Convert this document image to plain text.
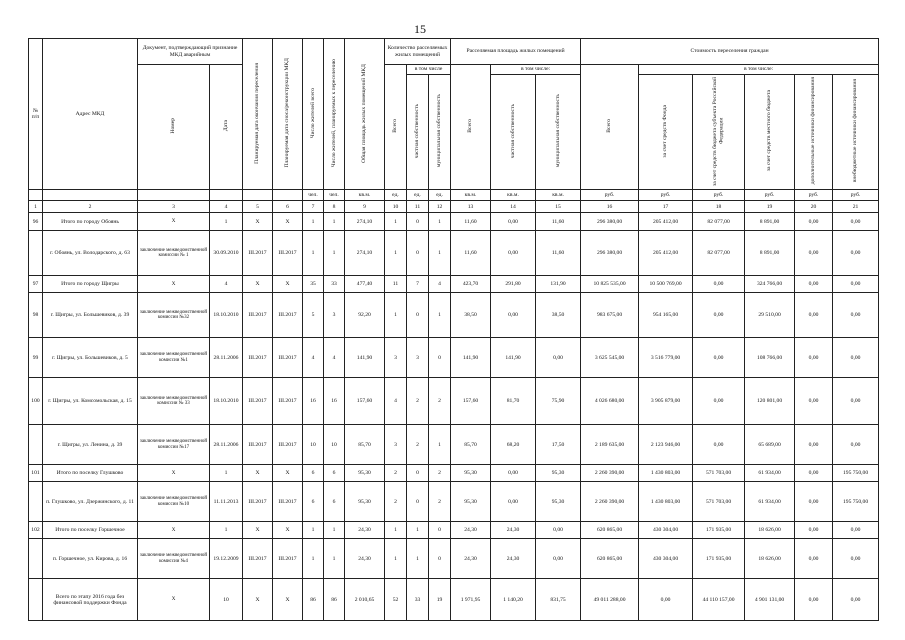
15
№ п/п	Адрес МКД	Документ, подтверждающий признание МКД аварийным		Планируемая дата окончания переселения	Планируемая дата сноса/реконструкции МКД	Число жителей всего	Число жителей, планируемых к переселению	Общая площадь жилых помещений МКД	Количество расселяемых жилых помещений			Расселяемая площадь жилых помещений			Стоимость переселения граждан					
		Номер	Дата						Всего	в том числе		Всего	в том числе:		Всего	в том числе:				
										частная собственность	муниципальная собственность		частная собственность	муниципальная собственность		за счет средств Фонда	за счет средств бюджета субъекта Российской Федерации	за счет средств местного бюджета	дополнительные источники финансирования	внебюджетные источники финансирования
						чел.	чел.	кв.м.	ед.	ед.	ед.	кв.м.	кв.м.	кв.м.	руб.	руб.	руб.	руб.	руб.	руб.
1	2	3	4	5	6	7	8	9	10	11	12	13	14	15	16	17	18	19	20	21
96	Итого по городу Обоянь	X	1	X	X	1	1	274,10	1	0	1	11,60	0,00	11,60	296 380,00	205 412,00	82 077,00	8 891,00	0,00	0,00
	г. Обоянь, ул. Володарского, д. 63	заключение межведомственной комиссии № 1	30.09.2010	III.2017	III.2017	1	1	274,10	1	0	1	11,60	0,00	11,60	296 380,00	205 412,00	82 077,00	8 891,00	0,00	0,00
97	Итого по городу Щигры	X	4	X	X	35	33	477,40	11	7	4	423,70	291,80	131,90	10 825 535,00	10 500 769,00	0,00	324 766,00	0,00	0,00
98	г. Щигры, ул. Большевиков, д. 39	заключение межведомственной комиссии №32	18.10.2010	III.2017	III.2017	5	3	92,20	1	0	1	38,50	0,00	38,50	983 675,00	954 165,00	0,00	29 510,00	0,00	0,00
99	г. Щигры, ул. Большевиков, д. 5	заключение межведомственной комиссии №1	28.11.2006	III.2017	III.2017	4	4	141,90	3	3	0	141,90	141,90	0,00	3 625 545,00	3 516 779,00	0,00	108 766,00	0,00	0,00
100	г. Щигры, ул. Комсомольская, д. 15	заключение межведомственной комиссии № 33	18.10.2010	III.2017	III.2017	16	16	157,60	4	2	2	157,60	81,70	75,90	4 026 680,00	3 905 879,00	0,00	120 801,00	0,00	0,00
	г. Щигры, ул. Ленина, д. 39	заключение межведомственной комиссии №17	28.11.2006	III.2017	III.2017	10	10	85,70	3	2	1	85,70	68,20	17,50	2 189 635,00	2 123 946,00	0,00	65 689,00	0,00	0,00
101	Итого по поселку Глушково	X	1	X	X	6	6	95,30	2	0	2	95,30	0,00	95,30	2 260 390,00	1 430 803,00	571 703,00	61 934,00	0,00	195 750,00
	п. Глушково, ул. Дзержинского, д. 11	заключение межведомственной комиссии №10	11.11.2013	III.2017	III.2017	6	6	95,30	2	0	2	95,30	0,00	95,30	2 260 390,00	1 430 803,00	571 703,00	61 934,00	0,00	195 750,00
102	Итого по поселку Горшечное	X	1	X	X	1	1	24,30	1	1	0	24,30	24,30	0,00	620 865,00	430 304,00	171 935,00	18 626,00	0,00	0,00
	п. Горшечное, ул. Кирова, д. 16	заключение межведомственной комиссии №4	19.12.2009	III.2017	III.2017	1	1	24,30	1	1	0	24,30	24,30	0,00	620 865,00	430 304,00	171 935,00	18 626,00	0,00	0,00
	Всего по этапу 2016 года без финансовой поддержки Фонда	X	10	X	X	86	86	2 010,65	52	33	19	1 971,95	1 140,20	831,75	49 011 288,00	0,00	44 110 157,00	4 901 131,00	0,00	0,00
